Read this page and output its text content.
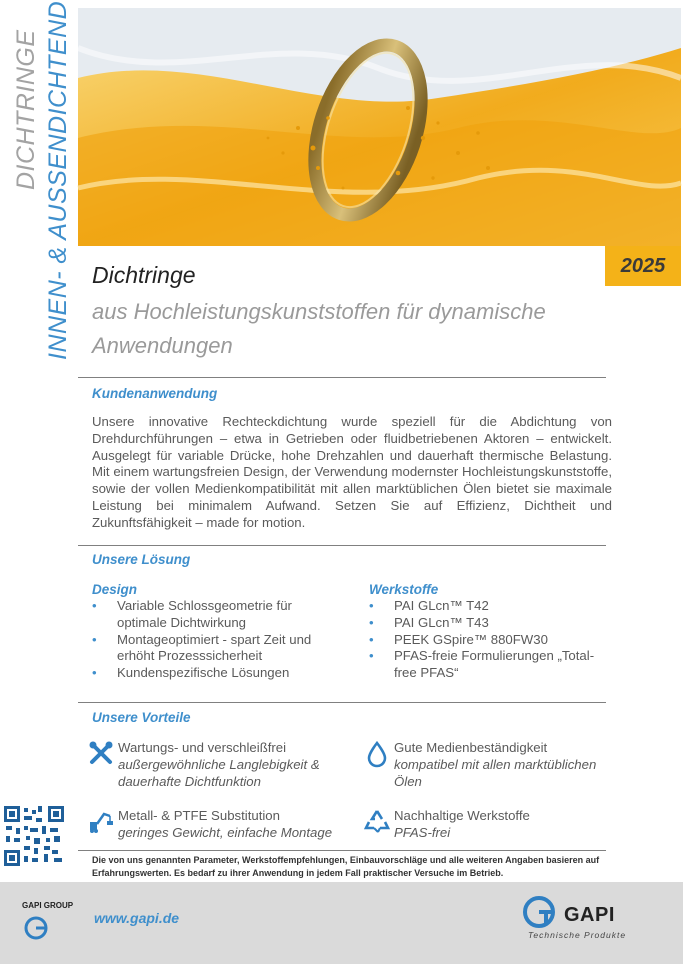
DICHTRINGE INNEN- & AUSSENDICHTEND	2025
Dichtringe
aus Hochleistungskunststoffen für dynamische Anwendungen
Kundenanwendung
Unsere innovative Rechteckdichtung wurde speziell für die Abdichtung von Drehdurchführungen – etwa in Getrieben oder fluidbetriebenen Aktoren – entwickelt. Ausgelegt für variable Drücke, hohe Drehzahlen und dauerhaft thermische Belastung. Mit einem wartungsfreien Design, der Verwendung modernster Hochleistungskunststoffe, sowie der vollen Medienkompatibilität mit allen marktüblichen Ölen bietet sie maximale Leistung bei minimalem Aufwand. Setzen Sie auf Effizienz, Dichtheit und Zukunftsfähigkeit – made for motion.
Unsere Lösung
Design
• Variable Schlossgeometrie für optimale Dichtwirkung
• Montageoptimiert - spart Zeit und erhöht Prozesssicherheit
• Kundenspezifische Lösungen
Werkstoffe
• PAI GLcn™ T42
• PAI GLcn™ T43
• PEEK GSpire™ 880FW30
• PFAS-freie Formulierungen „Total-free PFAS“
Unsere Vorteile
Wartungs- und verschleißfrei
außergewöhnliche Langlebigkeit & dauerhafte Dichtfunktion
Gute Medienbeständigkeit
kompatibel mit allen marktüblichen Ölen
Metall- & PTFE Substitution
geringes Gewicht, einfache Montage
Nachhaltige Werkstoffe
PFAS-frei
Die von uns genannten Parameter, Werkstoffempfehlungen, Einbauvorschläge und alle weiteren Angaben basieren auf Erfahrungswerten. Es bedarf zu ihrer Anwendung in jedem Fall praktischer Versuche im Betrieb.
GAPI GROUP
www.gapi.de	GAPI
Technische Produkte
